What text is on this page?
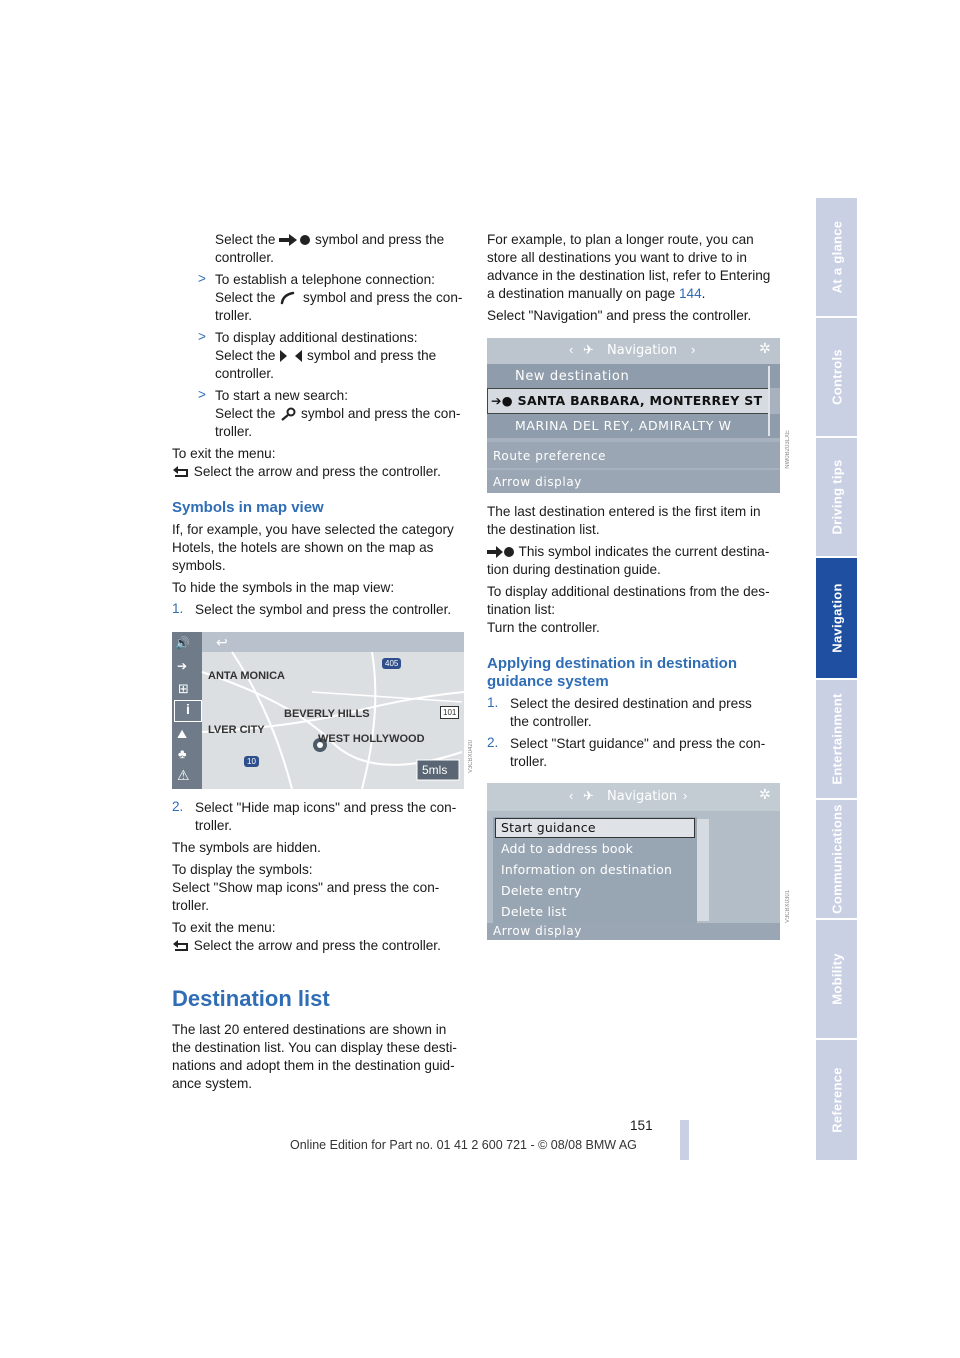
Select the	symbol and press the

controller.

> To establish a telephone connection:

Select the symbol and press the con-

troller.

> To display additional destinations:

Select the symbol and press the

controller.

> To start a new search:

Select the symbol and press the con-

troller.

To exit the menu:

Select the arrow and press the controller.

Symbols in map view

If, for example, you have selected the category

Hotels, the hotels are shown on the map as

symbols.

To hide the symbols in the map view:

1. Select the symbol and press the controller.

🔊
➔
⊞
i
⛰
♣
⚠
↩
ANTA MONICA
BEVERLY HILLS
LVER CITY
WEST HOLLYWOOD
405
101
10
5mls	V3CBX0420
2. Select "Hide map icons" and press the con-

troller.

The symbols are hidden.

To display the symbols:

Select "Show map icons" and press the con-

troller.

To exit the menu:

Select the arrow and press the controller.

Destination list

The last 20 entered destinations are shown in

the destination list. You can display these desti-

nations and adopt them in the destination guid-

ance system.

For example, to plan a longer route, you can

store all destinations you want to drive to in

advance in the destination list, refer to Entering

a destination manually on page 144.

Select "Navigation" and press the controller.

‹ ✈ Navigation ›	✲
New destination
➔● SANTA BARBARA, MONTERREY ST
MARINA DEL REY, ADMIRALTY W
Route preference
Arrow display
NW0B203LXE

The last destination entered is the first item in

the destination list.

This symbol indicates the current destina-

tion during destination guide.

To display additional destinations from the des-

tination list:

Turn the controller.

Applying destination in destination
guidance system
1. Select the desired destination and press

the controller.

2. Select "Start guidance" and press the con-

troller.

‹ ✈ Navigation ›	✲
Start guidance
Add to address book
Information on destination
Delete entry
Delete list
Arrow display
V3CBX0301
At a glance
Controls
Driving tips
Navigation
Entertainment
Communications
Mobility
Reference
151
Online Edition for Part no. 01 41 2 600 721 - © 08/08 BMW AG
